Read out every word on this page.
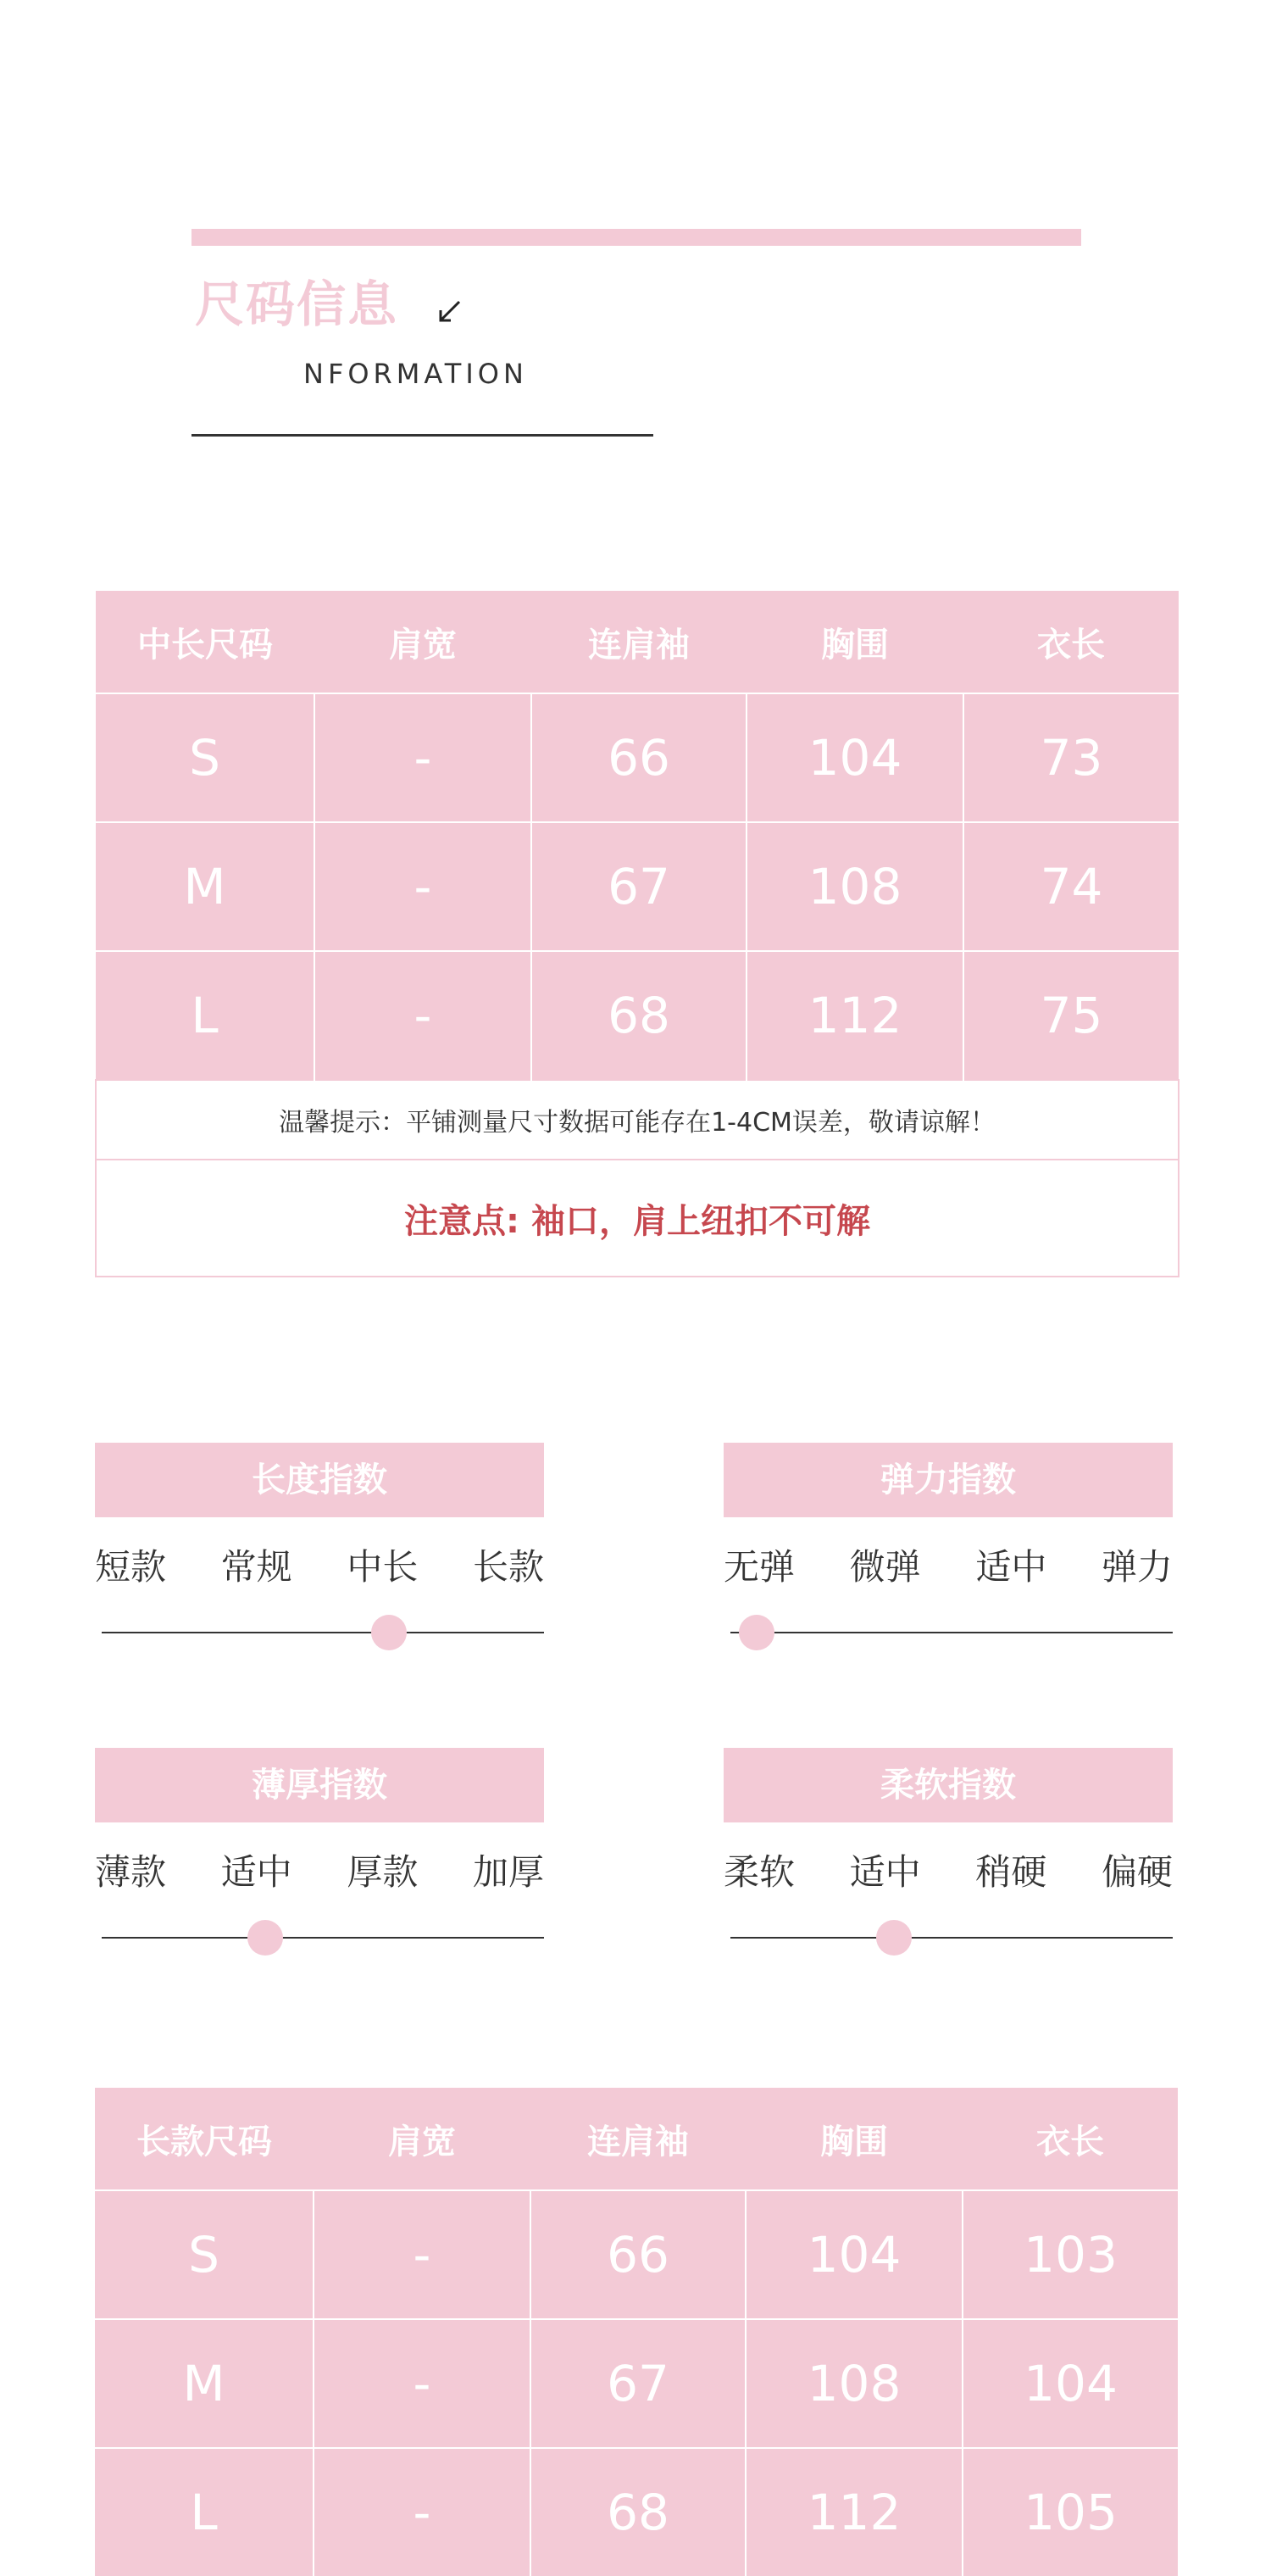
尺码信息
NFORMATION
中长尺码	肩宽	连肩袖	胸围	衣长
S	-	66	104	73
M	-	67	108	74
L	-	68	112	75
温馨提示：平铺测量尺寸数据可能存在1-4CM误差，敬请谅解！				
注意点: 袖口，肩上纽扣不可解				
长度指数
短款 常规 中长 长款
弹力指数
无弹 微弹 适中 弹力
薄厚指数
薄款 适中 厚款 加厚
柔软指数
柔软 适中 稍硬 偏硬
长款尺码	肩宽	连肩袖	胸围	衣长
S	-	66	104	103
M	-	67	108	104
L	-	68	112	105
